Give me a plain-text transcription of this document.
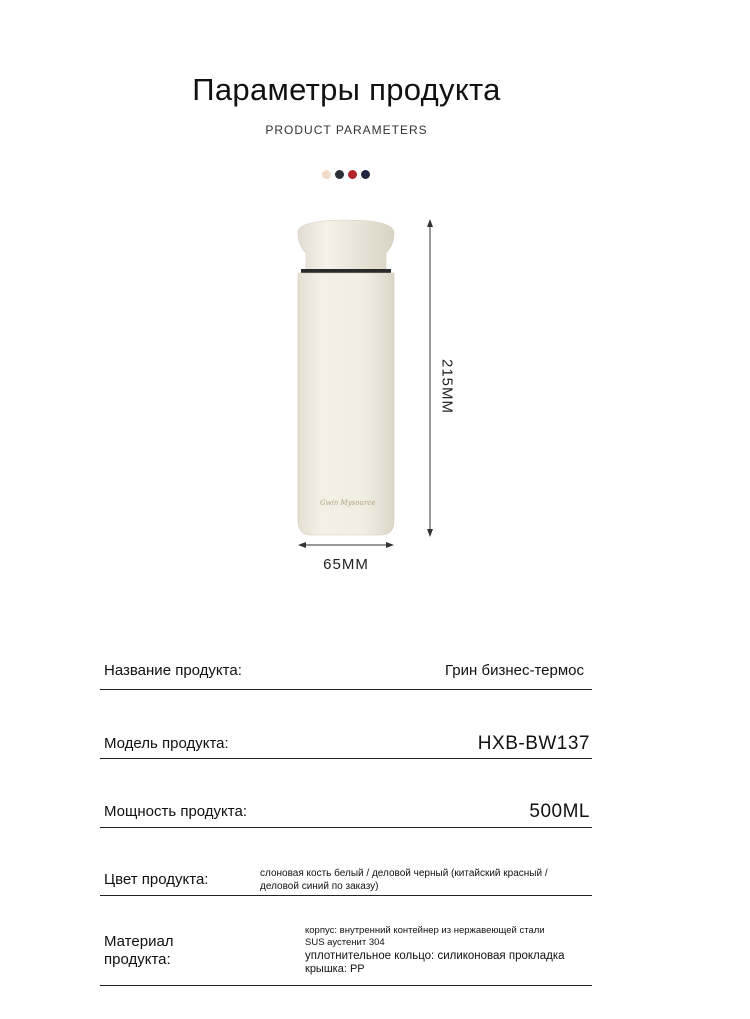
Параметры продукта
PRODUCT PARAMETERS
Gwin Mysource
215MM
65MM
Название продукта:	Грин бизнес-термос
Модель продукта:	HXB-BW137
Мощность продукта:	500ML
Цвет продукта:	слоновая кость белый / деловой черный (китайский красный / деловой синий по заказу)
Материал продукта:
корпус: внутренний контейнер из нержавеющей стали
SUS аустенит 304
уплотнительное кольцо: силиконовая прокладка
крышка: PP
